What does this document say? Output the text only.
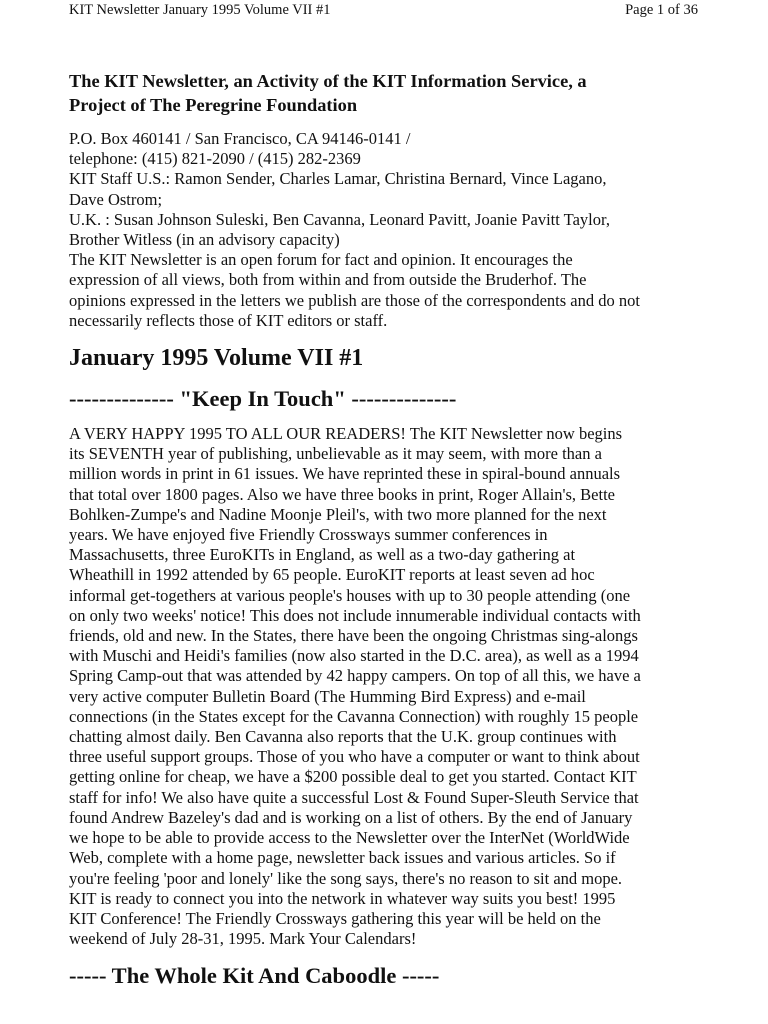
KIT Newsletter January 1995 Volume VII #1	Page 1 of 36
The KIT Newsletter, an Activity of the KIT Information Service, a
Project of The Peregrine Foundation

P.O. Box 460141 / San Francisco, CA 94146-0141 /

telephone: (415) 821-2090 / (415) 282-2369

KIT Staff U.S.: Ramon Sender, Charles Lamar, Christina Bernard, Vince Lagano,

Dave Ostrom;

U.K. : Susan Johnson Suleski, Ben Cavanna, Leonard Pavitt, Joanie Pavitt Taylor,

Brother Witless (in an advisory capacity)

The KIT Newsletter is an open forum for fact and opinion. It encourages the

expression of all views, both from within and from outside the Bruderhof. The

opinions expressed in the letters we publish are those of the correspondents and do not

necessarily reflects those of KIT editors or staff.

January 1995 Volume VII #1
-------------- "Keep In Touch" --------------
A VERY HAPPY 1995 TO ALL OUR READERS! The KIT Newsletter now begins
its SEVENTH year of publishing, unbelievable as it may seem, with more than a
million words in print in 61 issues. We have reprinted these in spiral-bound annuals
that total over 1800 pages. Also we have three books in print, Roger Allain's, Bette
Bohlken-Zumpe's and Nadine Moonje Pleil's, with two more planned for the next
years. We have enjoyed five Friendly Crossways summer conferences in
Massachusetts, three EuroKITs in England, as well as a two-day gathering at
Wheathill in 1992 attended by 65 people. EuroKIT reports at least seven ad hoc
informal get-togethers at various people's houses with up to 30 people attending (one
on only two weeks' notice! This does not include innumerable individual contacts with
friends, old and new. In the States, there have been the ongoing Christmas sing-alongs
with Muschi and Heidi's families (now also started in the D.C. area), as well as a 1994
Spring Camp-out that was attended by 42 happy campers. On top of all this, we have a
very active computer Bulletin Board (The Humming Bird Express) and e-mail
connections (in the States except for the Cavanna Connection) with roughly 15 people
chatting almost daily. Ben Cavanna also reports that the U.K. group continues with
three useful support groups. Those of you who have a computer or want to think about
getting online for cheap, we have a $200 possible deal to get you started. Contact KIT
staff for info! We also have quite a successful Lost & Found Super-Sleuth Service that
found Andrew Bazeley's dad and is working on a list of others. By the end of January
we hope to be able to provide access to the Newsletter over the InterNet (WorldWide
Web, complete with a home page, newsletter back issues and various articles. So if
you're feeling 'poor and lonely' like the song says, there's no reason to sit and mope.
KIT is ready to connect you into the network in whatever way suits you best! 1995
KIT Conference! The Friendly Crossways gathering this year will be held on the
weekend of July 28-31, 1995. Mark Your Calendars!
----- The Whole Kit And Caboodle -----
